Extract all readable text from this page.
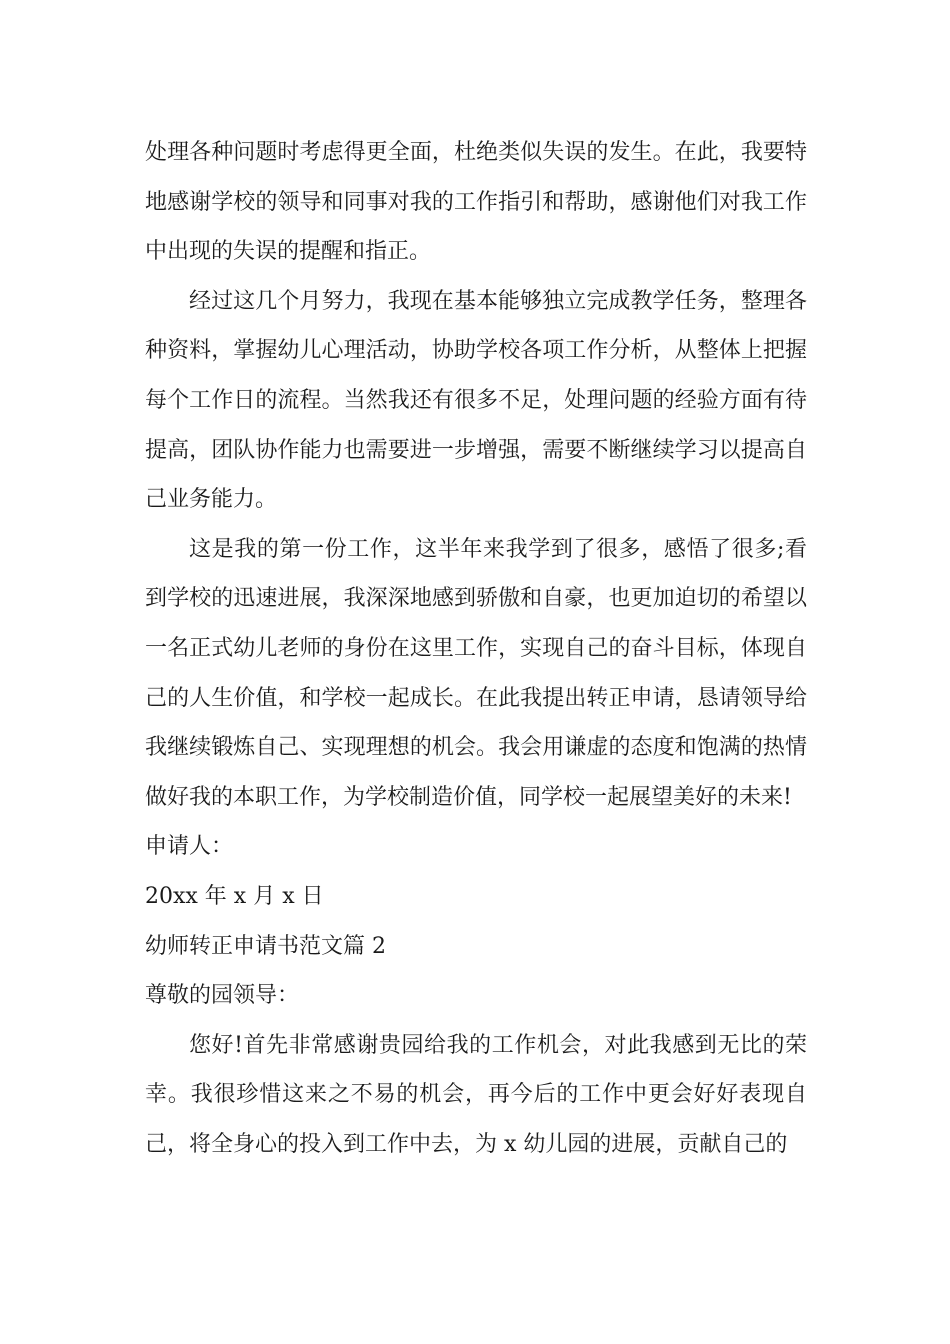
处理各种问题时考虑得更全面，杜绝类似失误的发生。在此，我要特地感谢学校的领导和同事对我的工作指引和帮助，感谢他们对我工作中出现的失误的提醒和指正。

经过这几个月努力，我现在基本能够独立完成教学任务，整理各种资料，掌握幼儿心理活动，协助学校各项工作分析，从整体上把握每个工作日的流程。当然我还有很多不足，处理问题的经验方面有待提高，团队协作能力也需要进一步增强，需要不断继续学习以提高自己业务能力。

这是我的第一份工作，这半年来我学到了很多，感悟了很多;看到学校的迅速进展，我深深地感到骄傲和自豪，也更加迫切的希望以一名正式幼儿老师的身份在这里工作，实现自己的奋斗目标，体现自己的人生价值，和学校一起成长。在此我提出转正申请，恳请领导给我继续锻炼自己、实现理想的机会。我会用谦虚的态度和饱满的热情做好我的本职工作，为学校制造价值，同学校一起展望美好的未来!

申请人：

20xx 年 x 月 x 日

幼师转正申请书范文篇 2

尊敬的园领导：

您好!首先非常感谢贵园给我的工作机会，对此我感到无比的荣幸。我很珍惜这来之不易的机会，再今后的工作中更会好好表现自己，将全身心的投入到工作中去，为 x 幼儿园的进展，贡献自己的
